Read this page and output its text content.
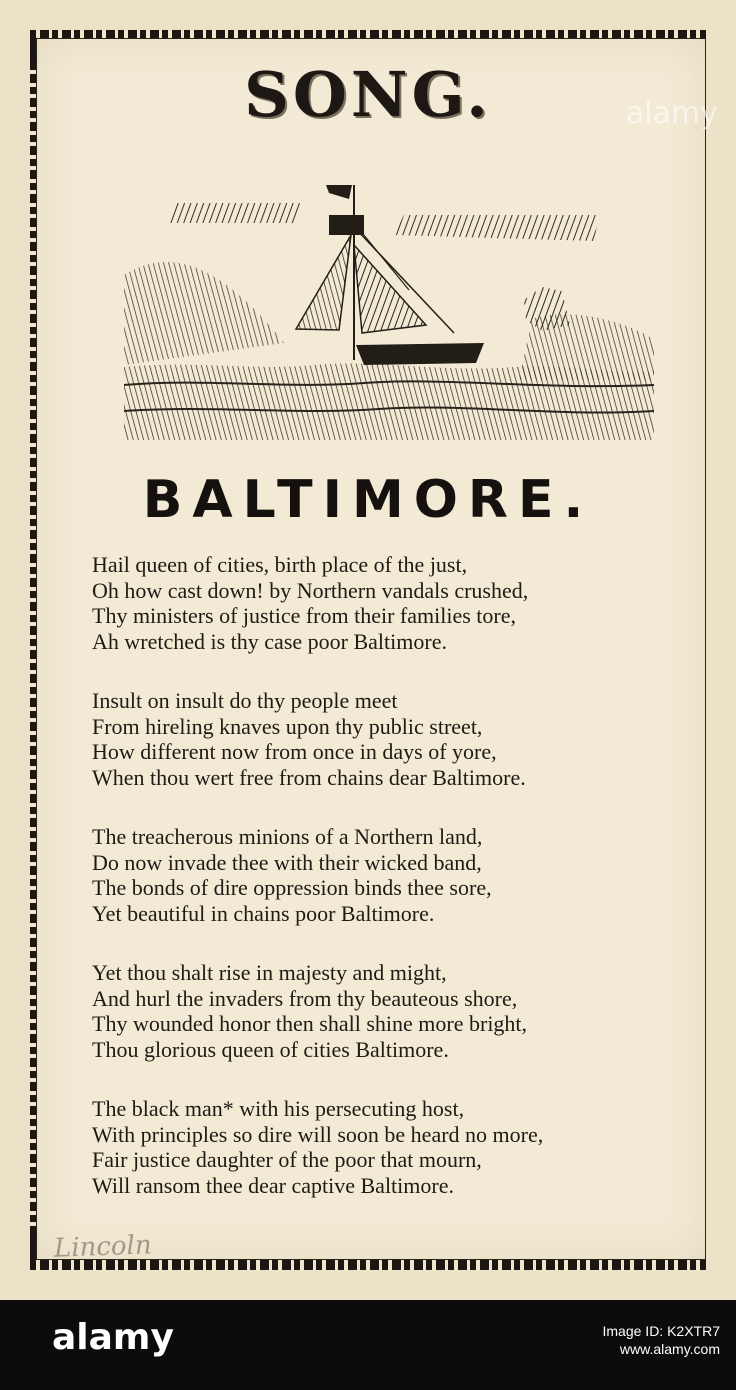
alamy
SONG.
BALTIMORE.
Hail queen of cities, birth place of the just,
Oh how cast down! by Northern vandals crushed,
Thy ministers of justice from their families tore,
Ah wretched is thy case poor Baltimore.
Insult on insult do thy people meet
From hireling knaves upon thy public street,
How different now from once in days of yore,
When thou wert free from chains dear Baltimore.
The treacherous minions of a Northern land,
Do now invade thee with their wicked band,
The bonds of dire oppression binds thee sore,
Yet beautiful in chains poor Baltimore.
Yet thou shalt rise in majesty and might,
And hurl the invaders from thy beauteous shore,
Thy wounded honor then shall shine more bright,
Thou glorious queen of cities Baltimore.
The black man* with his persecuting host,
With principles so dire will soon be heard no more,
Fair justice daughter of the poor that mourn,
Will ransom thee dear captive Baltimore.
Lincoln
alamy	Image ID: K2XTR7
www.alamy.com
